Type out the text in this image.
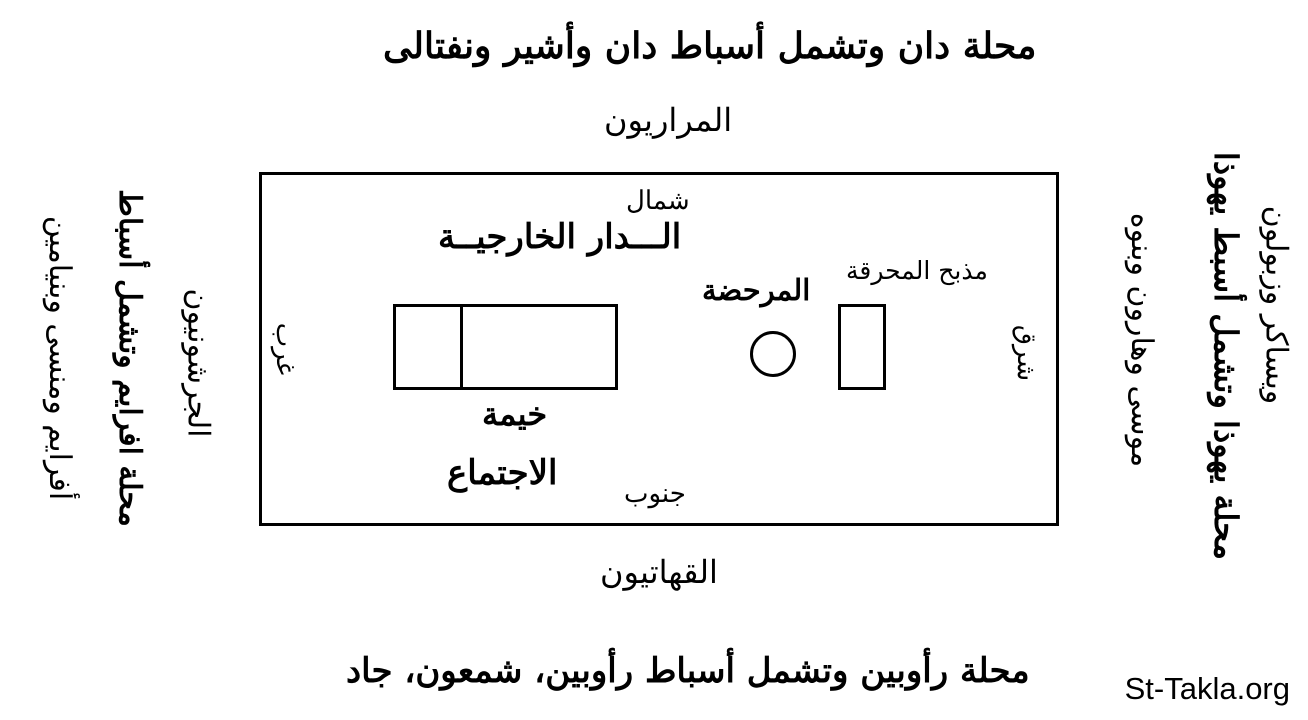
محلة دان وتشمل أسباط دان وأشير ونفتالى
المراريون
شمال
الـــدار الخارجيــة
مذبح المحرقة
المرحضة
خيمة
الاجتماع
جنوب
غرب	شرق
القهاتيون
محلة رأوبين وتشمل أسباط رأوبين، شمعون، جاد
أفرايم ومنسى وبنيامين محلة افرايم وتشمل أسباط الجرشونيون	موسى وهارون وبنوه محلة يهوذا وتشمل أسبط يهوذا ويساكر وزبولون
St-Takla.org
